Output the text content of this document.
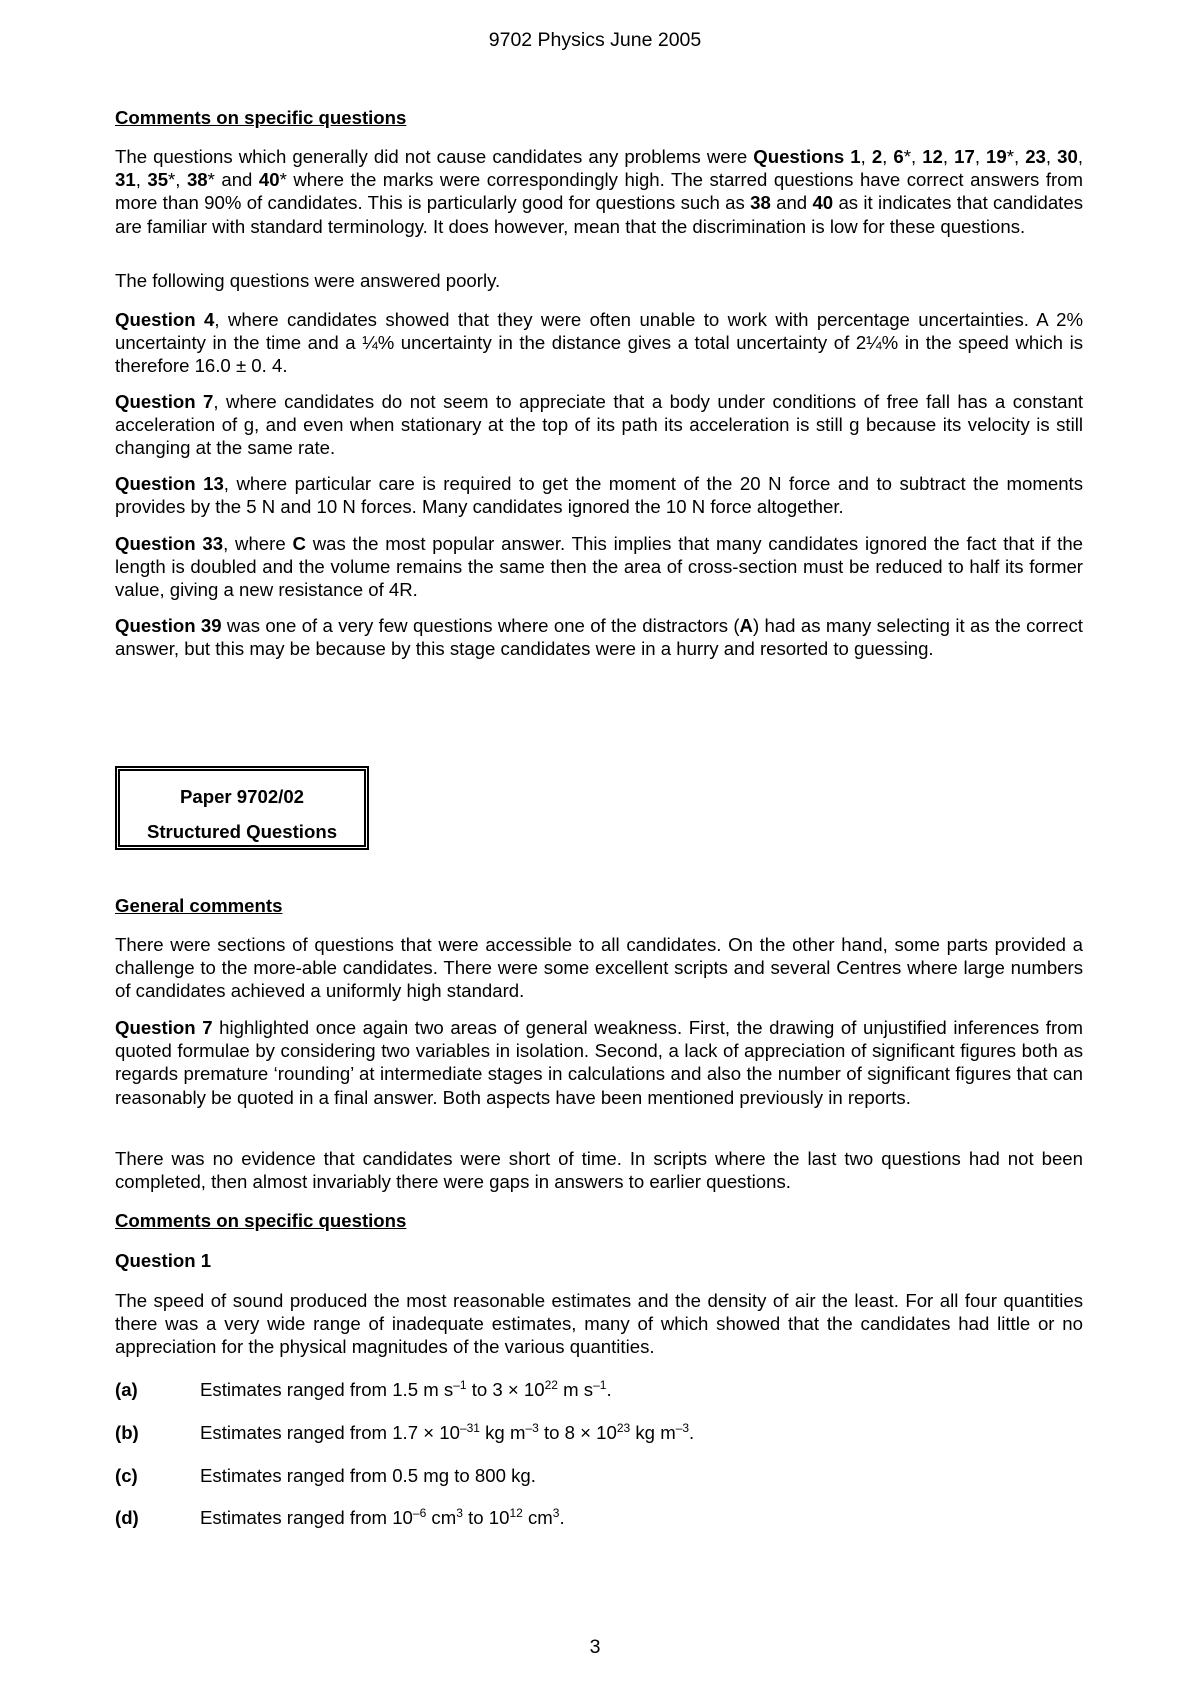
9702 Physics June 2005
Comments on specific questions

The questions which generally did not cause candidates any problems were Questions 1, 2, 6*, 12, 17, 19*, 23, 30, 31, 35*, 38* and 40* where the marks were correspondingly high. The starred questions have correct answers from more than 90% of candidates. This is particularly good for questions such as 38 and 40 as it indicates that candidates are familiar with standard terminology. It does however, mean that the discrimination is low for these questions.

The following questions were answered poorly.

Question 4, where candidates showed that they were often unable to work with percentage uncertainties. A 2% uncertainty in the time and a ¼% uncertainty in the distance gives a total uncertainty of 2¼% in the speed which is therefore 16.0 ± 0. 4.

Question 7, where candidates do not seem to appreciate that a body under conditions of free fall has a constant acceleration of g, and even when stationary at the top of its path its acceleration is still g because its velocity is still changing at the same rate.

Question 13, where particular care is required to get the moment of the 20 N force and to subtract the moments provides by the 5 N and 10 N forces. Many candidates ignored the 10 N force altogether.

Question 33, where C was the most popular answer. This implies that many candidates ignored the fact that if the length is doubled and the volume remains the same then the area of cross-section must be reduced to half its former value, giving a new resistance of 4R.

Question 39 was one of a very few questions where one of the distractors (A) had as many selecting it as the correct answer, but this may be because by this stage candidates were in a hurry and resorted to guessing.

Paper 9702/02
Structured Questions
General comments

There were sections of questions that were accessible to all candidates. On the other hand, some parts provided a challenge to the more-able candidates. There were some excellent scripts and several Centres where large numbers of candidates achieved a uniformly high standard.

Question 7 highlighted once again two areas of general weakness. First, the drawing of unjustified inferences from quoted formulae by considering two variables in isolation. Second, a lack of appreciation of significant figures both as regards premature ‘rounding’ at intermediate stages in calculations and also the number of significant figures that can reasonably be quoted in a final answer. Both aspects have been mentioned previously in reports.

There was no evidence that candidates were short of time. In scripts where the last two questions had not been completed, then almost invariably there were gaps in answers to earlier questions.

Comments on specific questions

Question 1

The speed of sound produced the most reasonable estimates and the density of air the least. For all four quantities there was a very wide range of inadequate estimates, many of which showed that the candidates had little or no appreciation for the physical magnitudes of the various quantities.

(a)	Estimates ranged from 1.5 m $s^{-1}$ to $3 \times 10^{22}$ m $s^{-1}$.
(b)	Estimates ranged from $1.7 \times 10^{-31}$ kg $m^{-3}$ to $8 \times 10^{23}$ kg $m^{-3}$.
(c)	Estimates ranged from 0.5 mg to 800 kg.
(d)	Estimates ranged from $10^{-6}$ $cm^3$ to $10^{12}$ $cm^3$.
3
